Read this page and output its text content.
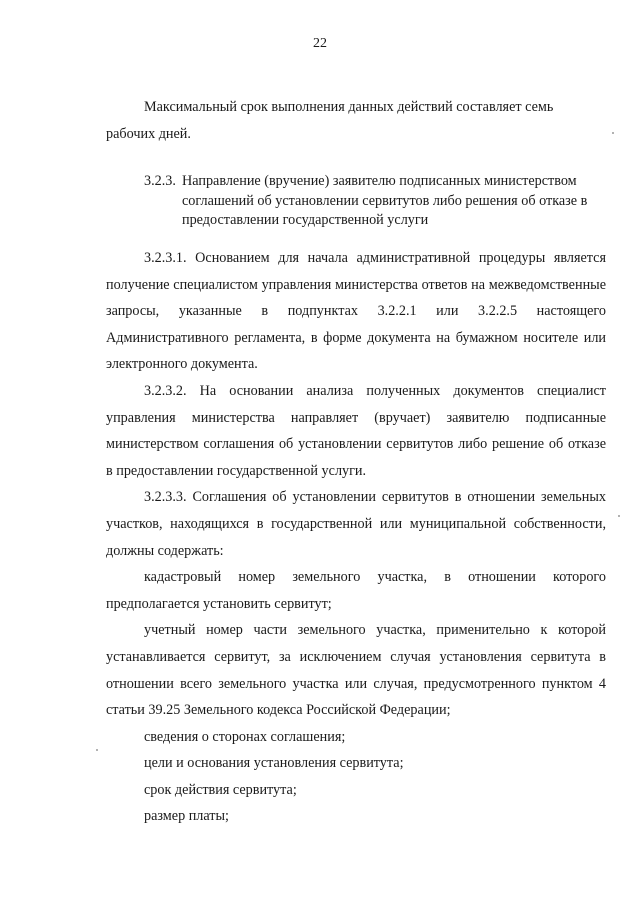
22

Максимальный срок выполнения данных действий составляет семь рабочих дней.

3.2.3. Направление (вручение) заявителю подписанных министерством соглашений об установлении сервитутов либо решения об отказе в предоставлении государственной услуги

3.2.3.1. Основанием для начала административной процедуры является получение специалистом управления министерства ответов на межведомственные запросы, указанные в подпунктах 3.2.2.1 или 3.2.2.5 настоящего Административного регламента, в форме документа на бумажном носителе или электронного документа.

3.2.3.2. На основании анализа полученных документов специалист управления министерства направляет (вручает) заявителю подписанные министерством соглашения об установлении сервитутов либо решение об отказе в предоставлении государственной услуги.

3.2.3.3. Соглашения об установлении сервитутов в отношении земельных участков, находящихся в государственной или муниципальной собственности, должны содержать:

кадастровый номер земельного участка, в отношении которого предполагается установить сервитут;

учетный номер части земельного участка, применительно к которой устанавливается сервитут, за исключением случая установления сервитута в отношении всего земельного участка или случая, предусмотренного пунктом 4 статьи 39.25 Земельного кодекса Российской Федерации;

сведения о сторонах соглашения;

цели и основания установления сервитута;

срок действия сервитута;

размер платы;
